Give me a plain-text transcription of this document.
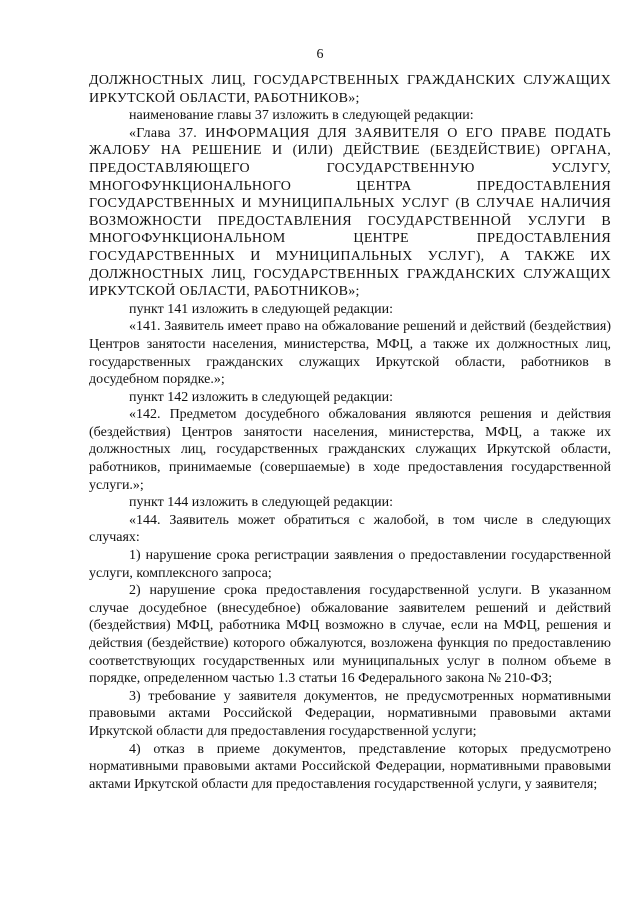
6

ДОЛЖНОСТНЫХ ЛИЦ, ГОСУДАРСТВЕННЫХ ГРАЖДАНСКИХ СЛУЖАЩИХ ИРКУТСКОЙ ОБЛАСТИ, РАБОТНИКОВ»;

наименование главы 37 изложить в следующей редакции:

«Глава 37. ИНФОРМАЦИЯ ДЛЯ ЗАЯВИТЕЛЯ О ЕГО ПРАВЕ ПОДАТЬ ЖАЛОБУ НА РЕШЕНИЕ И (ИЛИ) ДЕЙСТВИЕ (БЕЗДЕЙСТВИЕ) ОРГАНА, ПРЕДОСТАВЛЯЮЩЕГО ГОСУДАРСТВЕННУЮ УСЛУГУ, МНОГОФУНКЦИОНАЛЬНОГО ЦЕНТРА ПРЕДОСТАВЛЕНИЯ ГОСУДАРСТВЕННЫХ И МУНИЦИПАЛЬНЫХ УСЛУГ (В СЛУЧАЕ НАЛИЧИЯ ВОЗМОЖНОСТИ ПРЕДОСТАВЛЕНИЯ ГОСУДАРСТВЕННОЙ УСЛУГИ В МНОГОФУНКЦИОНАЛЬНОМ ЦЕНТРЕ ПРЕДОСТАВЛЕНИЯ ГОСУДАРСТВЕННЫХ И МУНИЦИПАЛЬНЫХ УСЛУГ), А ТАКЖЕ ИХ ДОЛЖНОСТНЫХ ЛИЦ, ГОСУДАРСТВЕННЫХ ГРАЖДАНСКИХ СЛУЖАЩИХ ИРКУТСКОЙ ОБЛАСТИ, РАБОТНИКОВ»;

пункт 141 изложить в следующей редакции:

«141. Заявитель имеет право на обжалование решений и действий (бездействия) Центров занятости населения, министерства, МФЦ, а также их должностных лиц, государственных гражданских служащих Иркутской области, работников в досудебном порядке.»;

пункт 142 изложить в следующей редакции:

«142. Предметом досудебного обжалования являются решения и действия (бездействия) Центров занятости населения, министерства, МФЦ, а также их должностных лиц, государственных гражданских служащих Иркутской области, работников, принимаемые (совершаемые) в ходе предоставления государственной услуги.»;

пункт 144 изложить в следующей редакции:

«144. Заявитель может обратиться с жалобой, в том числе в следующих случаях:

1) нарушение срока регистрации заявления о предоставлении государственной услуги, комплексного запроса;

2) нарушение срока предоставления государственной услуги. В указанном случае досудебное (внесудебное) обжалование заявителем решений и действий (бездействия) МФЦ, работника МФЦ возможно в случае, если на МФЦ, решения и действия (бездействие) которого обжалуются, возложена функция по предоставлению соответствующих государственных или муниципальных услуг в полном объеме в порядке, определенном частью 1.3 статьи 16 Федерального закона № 210-ФЗ;

3) требование у заявителя документов, не предусмотренных нормативными правовыми актами Российской Федерации, нормативными правовыми актами Иркутской области для предоставления государственной услуги;

4) отказ в приеме документов, представление которых предусмотрено нормативными правовыми актами Российской Федерации, нормативными правовыми актами Иркутской области для предоставления государственной услуги, у заявителя;
